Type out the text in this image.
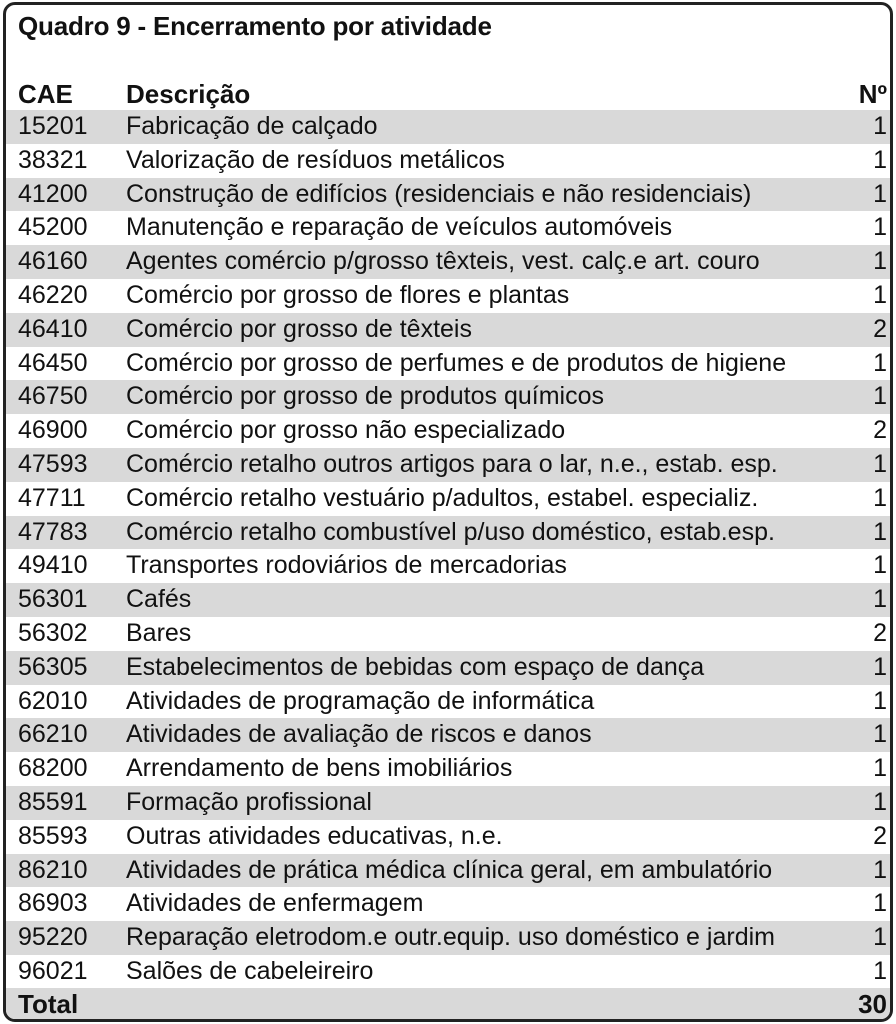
Quadro 9 - Encerramento por atividade
CAE Descrição	Nº
15201 Fabricação de calçado	1
38321 Valorização de resíduos metálicos	1
41200 Construção de edifícios (residenciais e não residenciais)	1
45200 Manutenção e reparação de veículos automóveis	1
46160 Agentes comércio p/grosso têxteis, vest. calç.e art. couro	1
46220 Comércio por grosso de flores e plantas	1
46410 Comércio por grosso de têxteis	2
46450 Comércio por grosso de perfumes e de produtos de higiene	1
46750 Comércio por grosso de produtos químicos	1
46900 Comércio por grosso não especializado	2
47593 Comércio retalho outros artigos para o lar, n.e., estab. esp.	1
47711 Comércio retalho vestuário p/adultos, estabel. especializ.	1
47783 Comércio retalho combustível p/uso doméstico, estab.esp.	1
49410 Transportes rodoviários de mercadorias	1
56301 Cafés	1
56302 Bares	2
56305 Estabelecimentos de bebidas com espaço de dança	1
62010 Atividades de programação de informática	1
66210 Atividades de avaliação de riscos e danos	1
68200 Arrendamento de bens imobiliários	1
85591 Formação profissional	1
85593 Outras atividades educativas, n.e.	2
86210 Atividades de prática médica clínica geral, em ambulatório	1
86903 Atividades de enfermagem	1
95220 Reparação eletrodom.e outr.equip. uso doméstico e jardim	1
96021 Salões de cabeleireiro	1
Total	30
